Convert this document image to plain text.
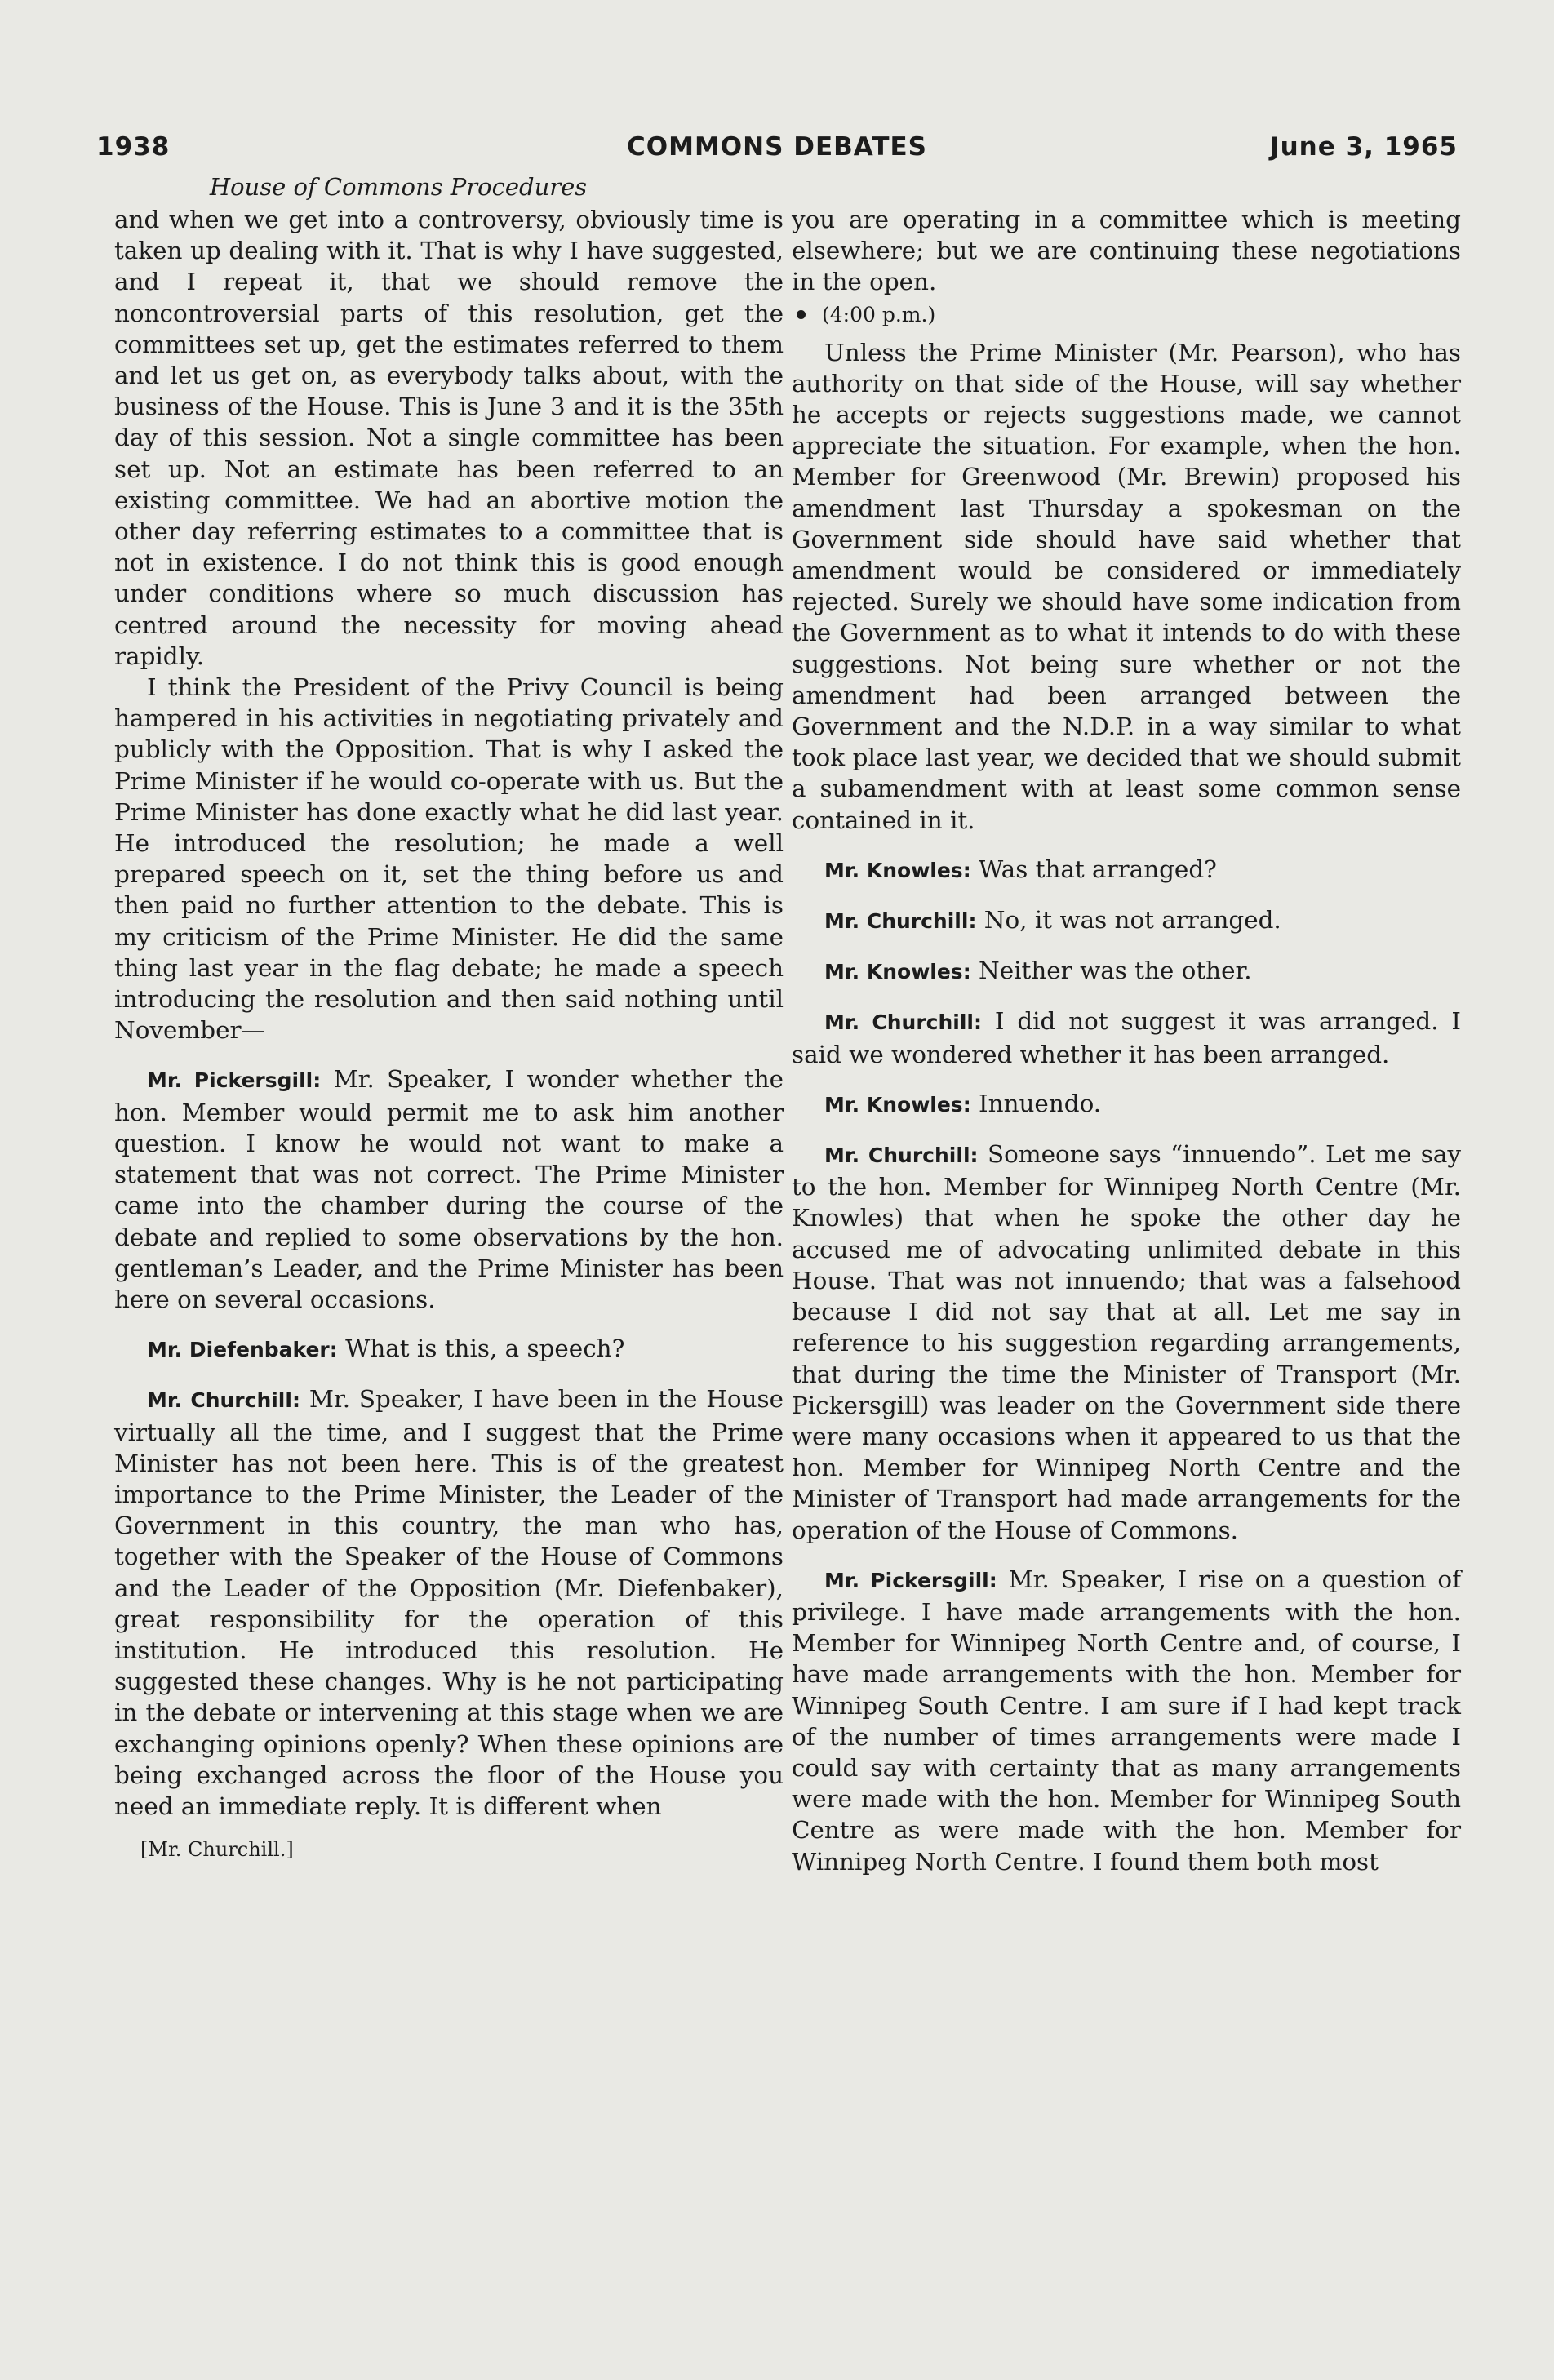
1938	COMMONS DEBATES	June 3, 1965
House of Commons Procedures

and when we get into a controversy, obviously time is taken up dealing with it. That is why I have suggested, and I repeat it, that we should remove the noncontroversial parts of this resolution, get the committees set up, get the estimates referred to them and let us get on, as everybody talks about, with the business of the House. This is June 3 and it is the 35th day of this session. Not a single committee has been set up. Not an estimate has been referred to an existing committee. We had an abortive motion the other day referring estimates to a committee that is not in existence. I do not think this is good enough under conditions where so much discussion has centred around the necessity for moving ahead rapidly.

I think the President of the Privy Council is being hampered in his activities in negotiating privately and publicly with the Opposition. That is why I asked the Prime Minister if he would co-operate with us. But the Prime Minister has done exactly what he did last year. He introduced the resolution; he made a well prepared speech on it, set the thing before us and then paid no further attention to the debate. This is my criticism of the Prime Minister. He did the same thing last year in the flag debate; he made a speech introducing the resolution and then said nothing until November—

Mr. Pickersgill: Mr. Speaker, I wonder whether the hon. Member would permit me to ask him another question. I know he would not want to make a statement that was not correct. The Prime Minister came into the chamber during the course of the debate and replied to some observations by the hon. gentleman’s Leader, and the Prime Minister has been here on several occasions.

Mr. Diefenbaker: What is this, a speech?

Mr. Churchill: Mr. Speaker, I have been in the House virtually all the time, and I suggest that the Prime Minister has not been here. This is of the greatest importance to the Prime Minister, the Leader of the Government in this country, the man who has, together with the Speaker of the House of Commons and the Leader of the Opposition (Mr. Diefenbaker), great responsibility for the operation of this institution. He introduced this resolution. He suggested these changes. Why is he not participating in the debate or intervening at this stage when we are exchanging opinions openly? When these opinions are being exchanged across the floor of the House you need an immediate reply. It is different when

[Mr. Churchill.]

you are operating in a committee which is meeting elsewhere; but we are continuing these negotiations in the open.

(4:00 p.m.)

Unless the Prime Minister (Mr. Pearson), who has authority on that side of the House, will say whether he accepts or rejects suggestions made, we cannot appreciate the situation. For example, when the hon. Member for Greenwood (Mr. Brewin) proposed his amendment last Thursday a spokesman on the Government side should have said whether that amendment would be considered or immediately rejected. Surely we should have some indication from the Government as to what it intends to do with these suggestions. Not being sure whether or not the amendment had been arranged between the Government and the N.D.P. in a way similar to what took place last year, we decided that we should submit a subamendment with at least some common sense contained in it.

Mr. Knowles: Was that arranged?

Mr. Churchill: No, it was not arranged.

Mr. Knowles: Neither was the other.

Mr. Churchill: I did not suggest it was arranged. I said we wondered whether it has been arranged.

Mr. Knowles: Innuendo.

Mr. Churchill: Someone says “innuendo”. Let me say to the hon. Member for Winnipeg North Centre (Mr. Knowles) that when he spoke the other day he accused me of advocating unlimited debate in this House. That was not innuendo; that was a falsehood because I did not say that at all. Let me say in reference to his suggestion regarding arrangements, that during the time the Minister of Transport (Mr. Pickersgill) was leader on the Government side there were many occasions when it appeared to us that the hon. Member for Winnipeg North Centre and the Minister of Transport had made arrangements for the operation of the House of Commons.

Mr. Pickersgill: Mr. Speaker, I rise on a question of privilege. I have made arrangements with the hon. Member for Winnipeg North Centre and, of course, I have made arrangements with the hon. Member for Winnipeg South Centre. I am sure if I had kept track of the number of times arrangements were made I could say with certainty that as many arrangements were made with the hon. Member for Winnipeg South Centre as were made with the hon. Member for Winnipeg North Centre. I found them both most
